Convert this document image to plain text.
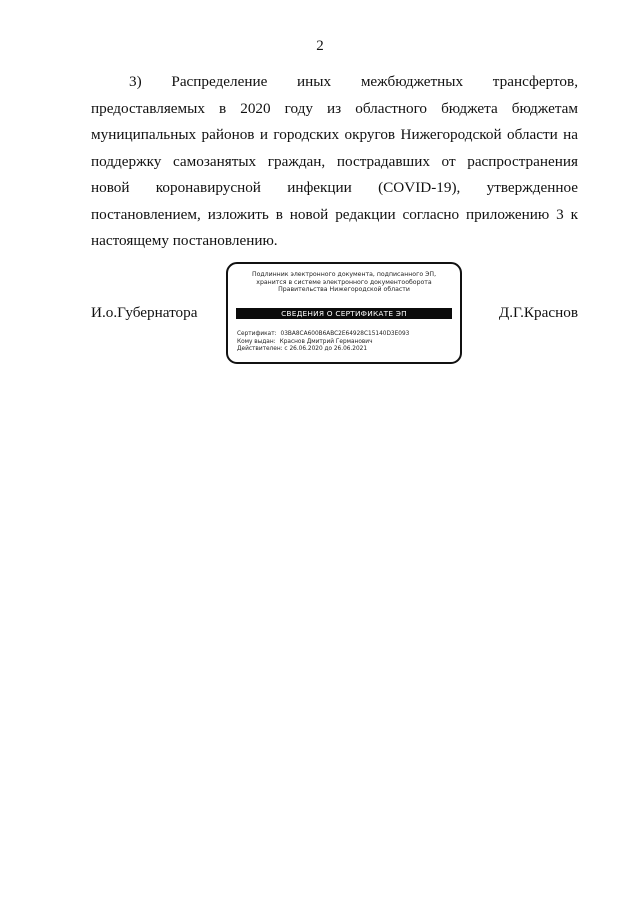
2

3) Распределение иных межбюджетных трансфертов, предоставляемых в 2020 году из областного бюджета бюджетам муниципальных районов и городских округов Нижегородской области на поддержку самозанятых граждан, пострадавших от распространения новой коронавирусной инфекции (COVID-19), утвержденное постановлением, изложить в новой редакции согласно приложению 3 к настоящему постановлению.

И.о.Губернатора
Подлинник электронного документа, подписанного ЭП,
хранится в системе электронного документооборота
Правительства Нижегородской области
СВЕДЕНИЯ О СЕРТИФИКАТЕ ЭП
Сертификат: 03BA8CA600B6ABC2E64928C15140D3E093
Кому выдан: Краснов Дмитрий Германович
Действителен: с 26.06.2020 до 26.06.2021
Д.Г.Краснов
